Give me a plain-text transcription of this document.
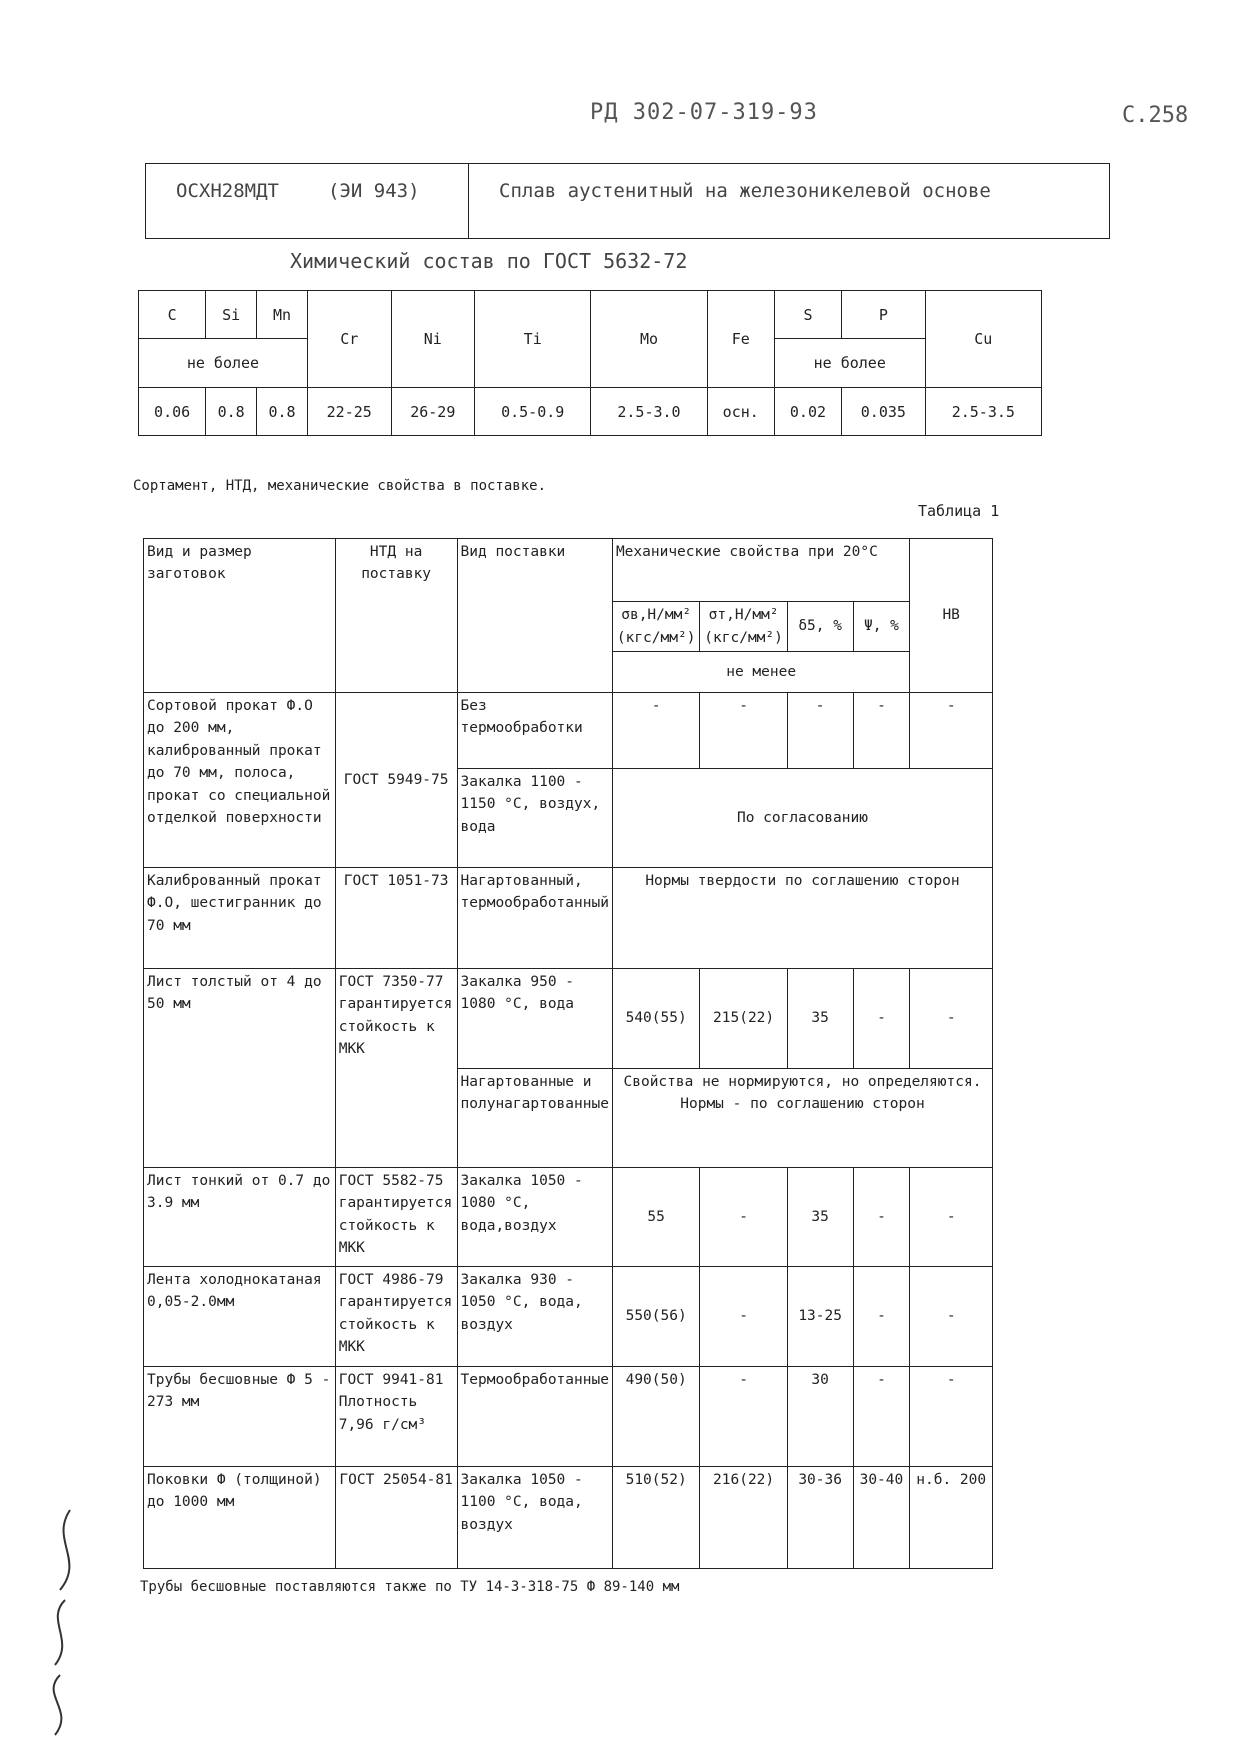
РД 302-07-319-93	С.258
ОСХН28МДТ	(ЭИ 943)	Сплав аустенитный на железоникелевой основе
Химический состав по ГОСТ 5632-72
C	Si	Mn	Cr	Ni	Ti	Mo	Fe	S	P	Cu
не более								не более		
0.06	0.8	0.8	22-25	26-29	0.5-0.9	2.5-3.0	осн.	0.02	0.035	2.5-3.5
Сортамент, НТД, механические свойства в поставке.
Таблица 1
Вид и размер заготовок	НТД на поставку	Вид поставки	Механические свойства при 20°C				НВ
			σв,Н/мм² (кгс/мм²)	σт,Н/мм² (кгс/мм²)	δ5, %	Ψ, %	
			не менее				
Сортовой прокат Ф.О до 200 мм, калиброванный прокат до 70 мм, полоса, прокат со специальной отделкой поверхности	ГОСТ 5949-75	Без термообработки	-	-	-	-	-
		Закалка 1100 - 1150 °С, воздух, вода	По согласованию				
Калиброванный прокат Ф.О, шестигранник до 70 мм	ГОСТ 1051-73	Нагартованный, термообработанный	Нормы твердости по соглашению сторон				
Лист толстый от 4 до 50 мм	ГОСТ 7350-77 гарантируется стойкость к МКК	Закалка 950 - 1080 °С, вода	540(55)	215(22)	35	-	-
		Нагартованные и полунагартованные	Свойства не нормируются, но определяются. Нормы - по соглашению сторон				
Лист тонкий от 0.7 до 3.9 мм	ГОСТ 5582-75 гарантируется стойкость к МКК	Закалка 1050 - 1080 °С, вода,воздух	55	-	35	-	-
Лента холоднокатаная 0,05-2.0мм	ГОСТ 4986-79 гарантируется стойкость к МКК	Закалка 930 - 1050 °С, вода, воздух	550(56)	-	13-25	-	-
Трубы бесшовные Ф 5 - 273 мм	ГОСТ 9941-81 Плотность 7,96 г/см³	Термообработанные	490(50)	-	30	-	-
Поковки Ф (толщиной) до 1000 мм	ГОСТ 25054-81	Закалка 1050 - 1100 °С, вода, воздух	510(52)	216(22)	30-36	30-40	н.б. 200
Трубы бесшовные поставляются также по ТУ 14-3-318-75 Ф 89-140 мм
